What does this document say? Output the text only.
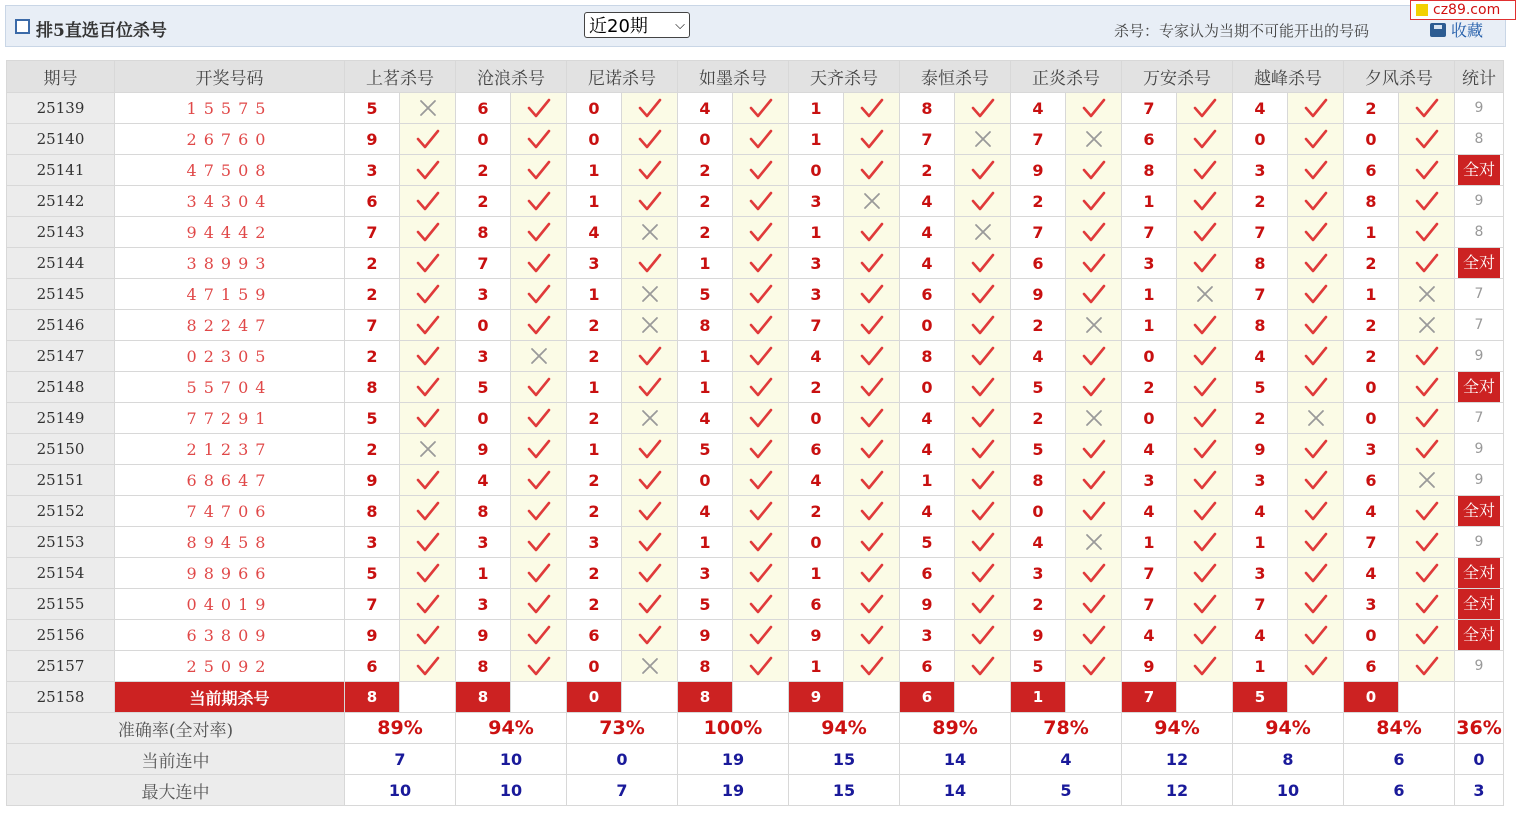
排5直选百位杀号	近20期 ⌵	杀号：专家认为当期不可能开出的号码	收藏
cz89.com
期号	开奖号码	上茗杀号		沧浪杀号		尼诺杀号		如墨杀号		天齐杀号		泰恒杀号		正炎杀号		万安杀号		越峰杀号		夕风杀号		统计
25139	15575	5		6		0		4		1		8		4		7		4		2		9
25140	26760	9		0		0		0		1		7		7		6		0		0		8
25141	47508	3		2		1		2		0		2		9		8		3		6		全对
25142	34304	6		2		1		2		3		4		2		1		2		8		9
25143	94442	7		8		4		2		1		4		7		7		7		1		8
25144	38993	2		7		3		1		3		4		6		3		8		2		全对
25145	47159	2		3		1		5		3		6		9		1		7		1		7
25146	82247	7		0		2		8		7		0		2		1		8		2		7
25147	02305	2		3		2		1		4		8		4		0		4		2		9
25148	55704	8		5		1		1		2		0		5		2		5		0		全对
25149	77291	5		0		2		4		0		4		2		0		2		0		7
25150	21237	2		9		1		5		6		4		5		4		9		3		9
25151	68647	9		4		2		0		4		1		8		3		3		6		9
25152	74706	8		8		2		4		2		4		0		4		4		4		全对
25153	89458	3		3		3		1		0		5		4		1		1		7		9
25154	98966	5		1		2		3		1		6		3		7		3		4		全对
25155	04019	7		3		2		5		6		9		2		7		7		3		全对
25156	63809	9		9		6		9		9		3		9		4		4		0		全对
25157	25092	6		8		0		8		1		6		5		9		1		6		9
25158	当前期杀号	8		8		0		8		9		6		1		7		5		0		
准确率(全对率)		89%		94%		73%		100%		94%		89%		78%		94%		94%		84%		36%
当前连中		7		10		0		19		15		14		4		12		8		6		0
最大连中		10		10		7		19		15		14		5		12		10		6		3
